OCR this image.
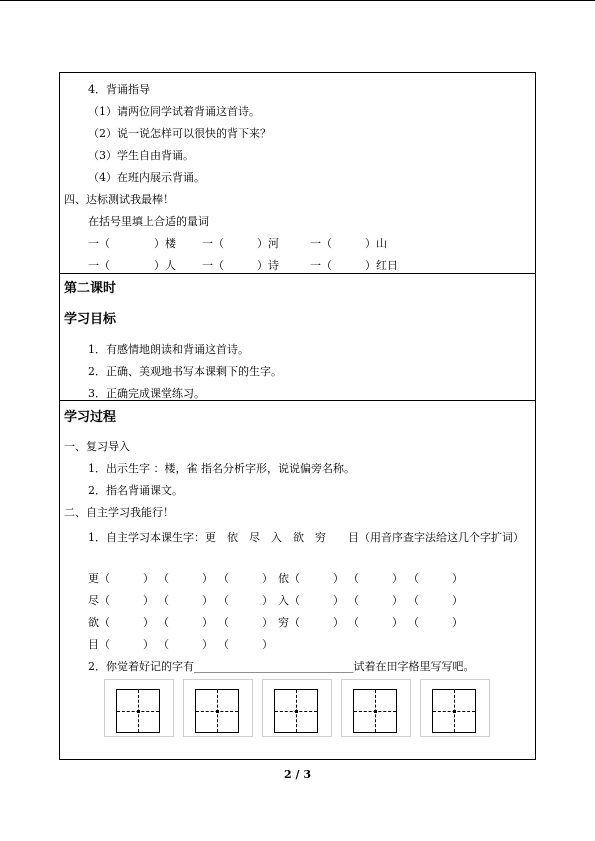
4．背诵指导
（1）请两位同学试着背诵这首诗。
（2）说一说怎样可以很快的背下来？
（3）学生自由背诵。
（4）在班内展示背诵。
四、达标测试我最棒！
在括号里填上合适的量词
一（　　　　）楼 一（　　　）河	一（　　　）山
一（　　　　）人 一（　　　）诗	一（　　　）红日
第二课时
学习目标
1．有感情地朗读和背诵这首诗。
2．正确、美观地书写本课剩下的生字。
3．正确完成课堂练习。
学习过程
一、复习导入
1．出示生字 ：楼，雀 指名分析字形，说说偏旁名称。
2．指名背诵课文。
二、自主学习我能行！
1．自主学习本课生字：更　依　尽　入　欲　穷　　目（用音序查字法给这几个字扩词）
更（　　　） （　　　） （　　　） 依（　　　） （　　　） （　　　）
尽（　　　） （　　　） （　　　） 入（　　　） （　　　） （　　　）
欲（　　　） （　　　） （　　　） 穷（　　　） （　　　） （　　　）
目（　　　） （　　　） （　　　）
2．你觉着好记的字有_____________________________试着在田字格里写写吧。
2 / 3
